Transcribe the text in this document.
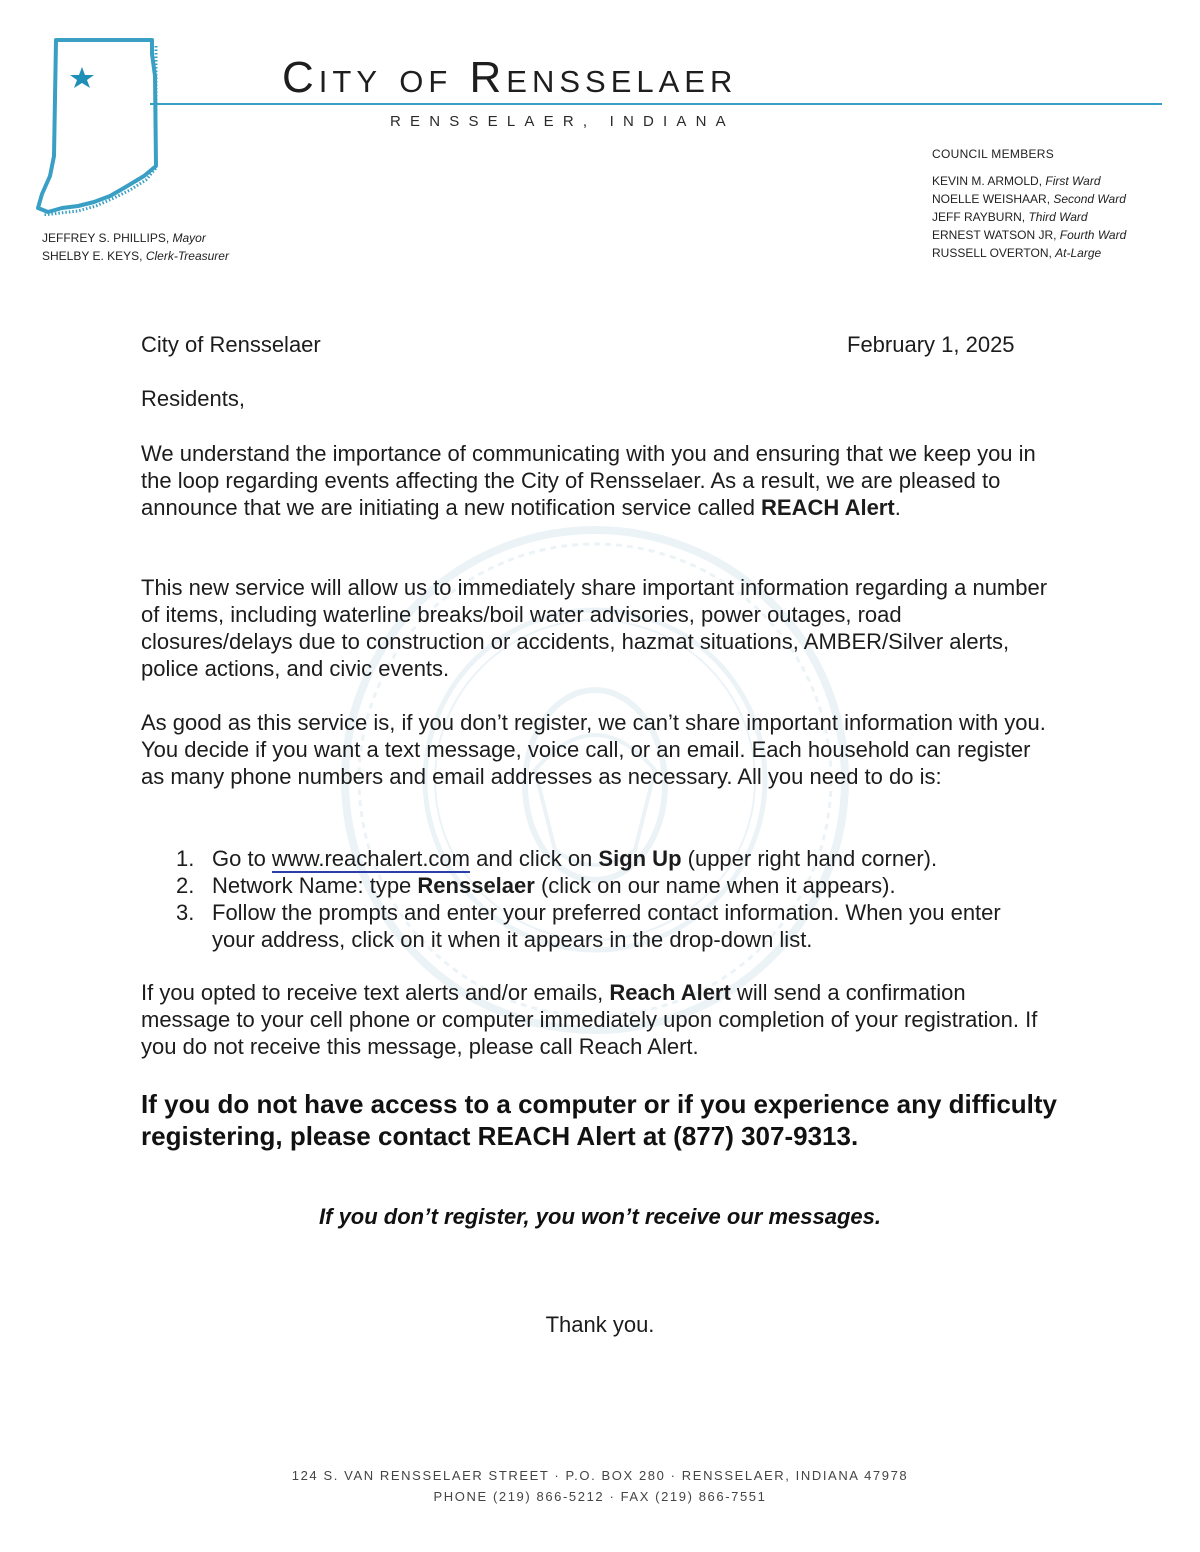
City of Rensselaer
RENSSELAER, INDIANA
JEFFREY S. PHILLIPS, Mayor
SHELBY E. KEYS, Clerk-Treasurer
COUNCIL MEMBERS
KEVIN M. ARMOLD, First Ward
NOELLE WEISHAAR, Second Ward
JEFF RAYBURN, Third Ward
ERNEST WATSON JR, Fourth Ward
RUSSELL OVERTON, At-Large
City of Rensselaer	February 1, 2025
Residents,
We understand the importance of communicating with you and ensuring that we keep you in the loop regarding events affecting the City of Rensselaer. As a result, we are pleased to announce that we are initiating a new notification service called REACH Alert.
This new service will allow us to immediately share important information regarding a number of items, including waterline breaks/boil water advisories, power outages, road closures/delays due to construction or accidents, hazmat situations, AMBER/Silver alerts, police actions, and civic events.
As good as this service is, if you don’t register, we can’t share important information with you. You decide if you want a text message, voice call, or an email. Each household can register as many phone numbers and email addresses as necessary. All you need to do is:
1. Go to www.reachalert.com and click on Sign Up (upper right hand corner).
2. Network Name: type Rensselaer (click on our name when it appears).
3. Follow the prompts and enter your preferred contact information. When you enter your address, click on it when it appears in the drop-down list.
If you opted to receive text alerts and/or emails, Reach Alert will send a confirmation message to your cell phone or computer immediately upon completion of your registration. If you do not receive this message, please call Reach Alert.
If you do not have access to a computer or if you experience any difficulty registering, please contact REACH Alert at (877) 307-9313.
If you don’t register, you won’t receive our messages.
Thank you.
124 S. VAN RENSSELAER STREET · P.O. BOX 280 · RENSSELAER, INDIANA 47978
PHONE (219) 866-5212 · FAX (219) 866-7551
